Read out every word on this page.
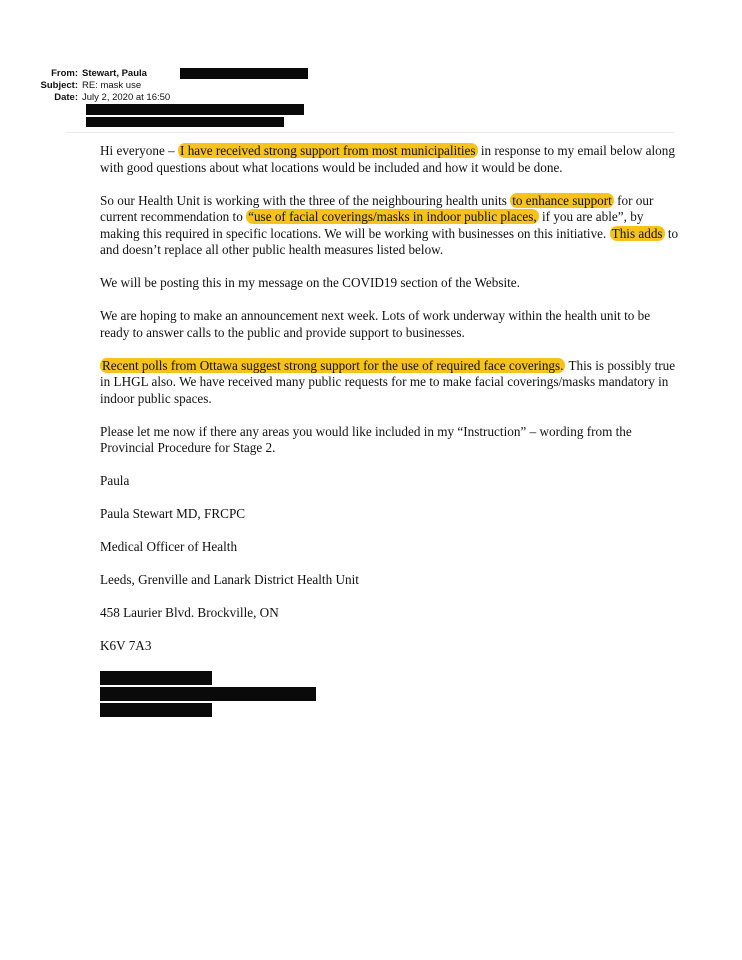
From: Stewart, Paula
Subject: RE: mask use
Date: July 2, 2020 at 16:50

Hi everyone – I have received strong support from most municipalities in response to my email below along with good questions about what locations would be included and how it would be done.

So our Health Unit is working with the three of the neighbouring health units to enhance support for our current recommendation to “use of facial coverings/masks in indoor public places, if you are able”, by making this required in specific locations. We will be working with businesses on this initiative. This adds to and doesn’t replace all other public health measures listed below.

We will be posting this in my message on the COVID19 section of the Website.

We are hoping to make an announcement next week. Lots of work underway within the health unit to be ready to answer calls to the public and provide support to businesses.

Recent polls from Ottawa suggest strong support for the use of required face coverings. This is possibly true in LHGL also. We have received many public requests for me to make facial coverings/masks mandatory in indoor public spaces.

Please let me now if there any areas you would like included in my “Instruction” – wording from the Provincial Procedure for Stage 2.

Paula

Paula Stewart MD, FRCPC

Medical Officer of Health

Leeds, Grenville and Lanark District Health Unit

458 Laurier Blvd. Brockville, ON

K6V 7A3
